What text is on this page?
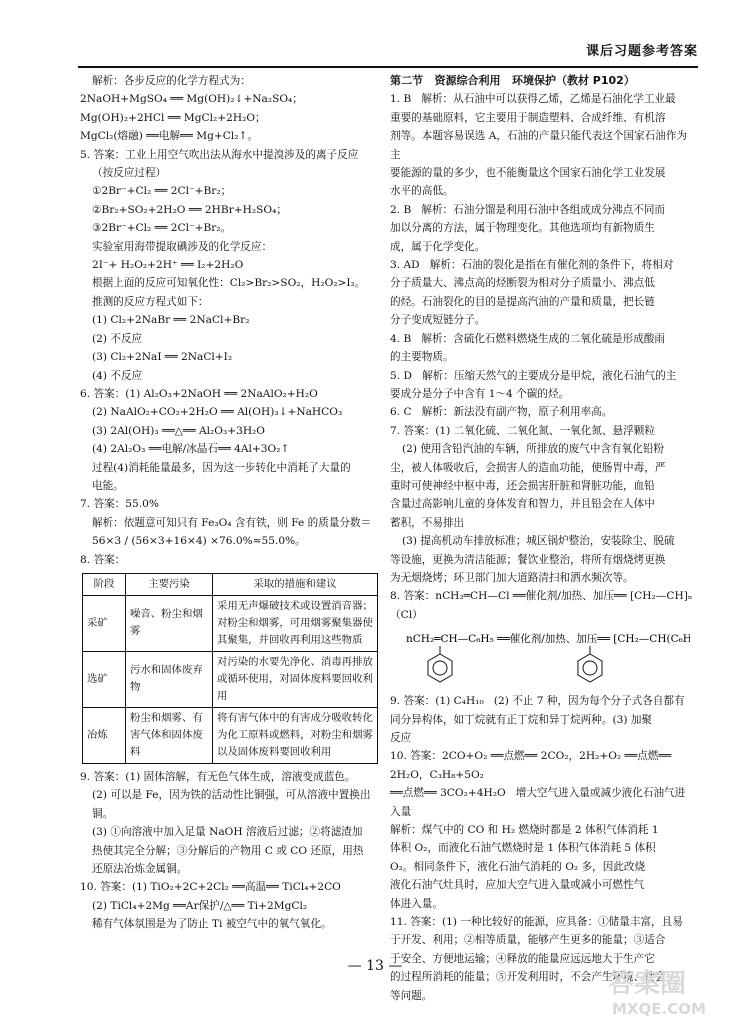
课后习题参考答案

解析：各步反应的化学方程式为：

2NaOH+MgSO₄ ══ Mg(OH)₂↓+Na₂SO₄；

Mg(OH)₂+2HCl ══ MgCl₂+2H₂O；

MgCl₂(熔融) ══电解══ Mg+Cl₂↑。

5. 答案：工业上用空气吹出法从海水中提溴涉及的离子反应

（按反应过程）

①2Br⁻+Cl₂ ══ 2Cl⁻+Br₂；

②Br₂+SO₂+2H₂O ══ 2HBr+H₂SO₄；

③2Br⁻+Cl₂ ══ 2Cl⁻+Br₂。

实验室用海带提取碘涉及的化学反应：

2I⁻+ H₂O₂+2H⁺ ══ I₂+2H₂O

根据上面的反应可知氧化性：Cl₂>Br₂>SO₂，H₂O₂>I₂。

推测的反应方程式如下：

(1) Cl₂+2NaBr ══ 2NaCl+Br₂

(2) 不反应

(3) Cl₂+2NaI ══ 2NaCl+I₂

(4) 不反应

6. 答案：(1) Al₂O₃+2NaOH ══ 2NaAlO₂+H₂O

(2) NaAlO₂+CO₂+2H₂O ══ Al(OH)₃↓+NaHCO₃

(3) 2Al(OH)₃ ══△══ Al₂O₃+3H₂O

(4) 2Al₂O₃ ══电解/冰晶石══ 4Al+3O₂↑

过程(4)消耗能量最多，因为这一步转化中消耗了大量的

电能。

7. 答案：55.0%

解析：依题意可知只有 Fe₃O₄ 含有铁，则 Fe 的质量分数＝

56×3 / (56×3+16×4) ×76.0%≈55.0%。

8. 答案：

阶段	主要污染	采取的措施和建议
采矿	噪音、粉尘和烟雾	采用无声爆破技术或设置消音器；对粉尘和烟雾，可用烟雾聚集器使其聚集，并回收再利用这些物质
选矿	污水和固体废弃物	对污染的水要先净化、消毒再排放或循环使用，对固体废料要回收利用
冶炼	粉尘和烟雾、有害气体和固体废料	将有害气体中的有害成分吸收转化为化工原料或燃料，对粉尘和烟雾以及固体废料要回收利用

9. 答案：(1) 固体溶解，有无色气体生成，溶液变成蓝色。

(2) 可以是 Fe，因为铁的活动性比铜强，可从溶液中置换出铜。

(3) ①向溶液中加入足量 NaOH 溶液后过滤；②将滤渣加

热使其完全分解；③分解后的产物用 C 或 CO 还原，用热

还原法冶炼金属铜。

10. 答案：(1) TiO₂+2C+2Cl₂ ══高温══ TiCl₄+2CO

(2) TiCl₄+2Mg ══Ar保护/△══ Ti+2MgCl₂

稀有气体氛围是为了防止 Ti 被空气中的氧气氧化。

第二节   资源综合利用   环境保护（教材 P102）

1. B   解析：从石油中可以获得乙烯，乙烯是石油化学工业最

重要的基础原料，它主要用于制造塑料、合成纤维、有机溶

剂等。本题容易误选 A，石油的产量只能代表这个国家石油作为主

要能源的量的多少，也不能衡量这个国家石油化学工业发展

水平的高低。

2. B   解析：石油分馏是利用石油中各组成成分沸点不同而

加以分离的方法，属于物理变化。其他选项均有新物质生

成，属于化学变化。

3. AD   解析：石油的裂化是指在有催化剂的条件下，将相对

分子质量大、沸点高的烃断裂为相对分子质量小、沸点低

的烃。石油裂化的目的是提高汽油的产量和质量，把长链

分子变成短链分子。

4. B   解析：含硫化石燃料燃烧生成的二氧化硫是形成酸雨

的主要物质。

5. D   解析：压缩天然气的主要成分是甲烷，液化石油气的主

要成分是分子中含有 1～4 个碳的烃。

6. C   解析：新法没有副产物，原子利用率高。

7. 答案：(1) 二氧化硫、二氧化氮、一氧化氮、悬浮颗粒

(2) 使用含铅汽油的车辆，所排放的废气中含有氧化铅粉

尘，被人体吸收后，会损害人的造血功能，使肠胃中毒，严

重时可使神经中枢中毒，还会损害肝脏和肾脏功能，血铅

含量过高影响儿童的身体发育和智力，并且铅会在人体中

蓄积，不易排出

(3) 提高机动车排放标准；城区锅炉整治，安装除尘、脱硫

等设施，更换为清洁能源；餐饮业整治，将所有烟烧烤更换

为无烟烧烤；环卫部门加大道路清扫和洒水频次等。

8. 答案：nCH₂═CH—Cl ══催化剂/加热、加压══ [CH₂—CH]ₙ（Cl）

nCH₂═CH—C₆H₅ ══催化剂/加热、加压══ [CH₂—CH(C₆H₅)]ₙ

9. 答案：(1) C₄H₁₀   (2) 不止 7 种，因为每个分子式各自都有

同分异构体，如丁烷就有正丁烷和异丁烷两种。(3) 加聚

反应

10. 答案：2CO+O₂ ══点燃══ 2CO₂，2H₂+O₂ ══点燃══ 2H₂O，C₃H₈+5O₂

══点燃══ 3CO₂+4H₂O   增大空气进入量或减少液化石油气进

入量

解析：煤气中的 CO 和 H₂ 燃烧时都是 2 体积气体消耗 1

体积 O₂，而液化石油气燃烧时是 1 体积气体消耗 5 体积

O₂。相同条件下，液化石油气消耗的 O₂ 多，因此改烧

液化石油气灶具时，应加大空气进入量或减小可燃性气

体进入量。

11. 答案：(1) 一种比较好的能源，应具备：①储量丰富，且易

于开发、利用；②相等质量，能够产生更多的能量；③适合

于安全、方便地运输；④释放的能量应远远地大于生产它

的过程所消耗的能量；⑤开发利用时，不会产生环境、社会

等问题。

— 13 —
答案圈
MXQE.COM
